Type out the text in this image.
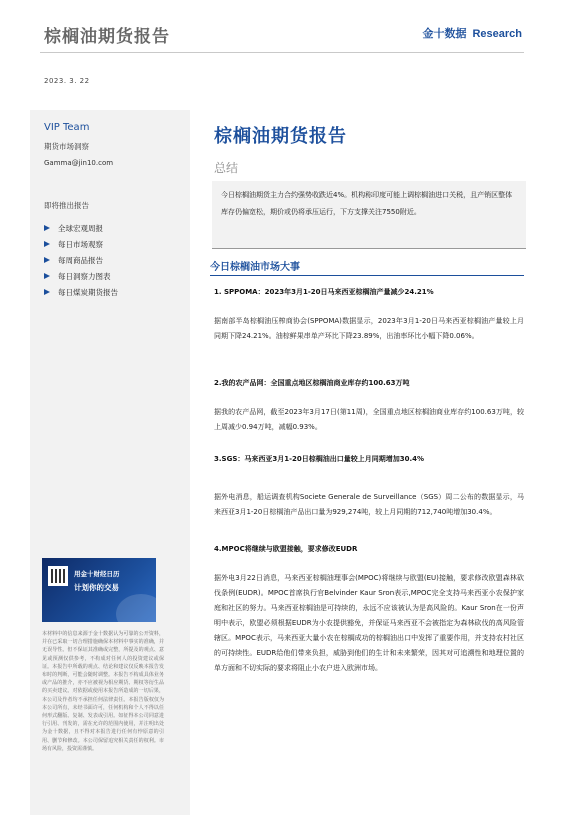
棕榈油期货报告	金十数据 Research
2023. 3. 22
VIP Team
期货市场洞察
Gamma@jin10.com
即将推出报告
全球宏观周报
每日市场观察
每周商品报告
每日洞察力图表
每日煤炭期货报告
用金十财经日历
计划你的交易
本材料中的信息来源于金十数据认为可靠的公开资料，并在已采取一切合理措施确保本材料中事实的准确，并无误导性。但不保证其准确或完整，所提及的观点、意见或预测仅供参考，不构成对任何人的投资建议或保证。本报告中所载的观点、结论和建议仅反映本报告发布时的判断，可能会随时调整。本报告不构成具体业务或产品的推介，亦不应被视为相应期货、期权等衍生品的买卖建议。对依据或使用本报告所造成的一切后果，本公司及作者均不承担任何法律责任。本报告版权仅为本公司所有，未经书面许可，任何机构和个人不得以任何形式翻版、复制、发表或引用。如征得本公司同意进行引用、刊发的，需在允许的范围内使用，并注明出处为金十数据，且不得对本报告进行任何有悖原意的引用、删节和修改。本公司保留追究相关责任的权利。市场有风险，投资需谨慎。
棕榈油期货报告
总结
今日棕榈油期货主力合约强势收跌近4%。机构称印度可能上调棕榈油进口关税，且产销区整体库存仍偏宽松，期价或仍将承压运行，下方支撑关注7550附近。
今日棕榈油市场大事
1. SPPOMA：2023年3月1-20日马来西亚棕榈油产量减少24.21%
据南部半岛棕榈油压榨商协会(SPPOMA)数据显示，2023年3月1-20日马来西亚棕榈油产量较上月同期下降24.21%。油棕鲜果串单产环比下降23.89%，出油率环比小幅下降0.06%。
2.我的农产品网：全国重点地区棕榈油商业库存约100.63万吨
据我的农产品网，截至2023年3月17日(第11周)，全国重点地区棕榈油商业库存约100.63万吨，较上周减少0.94万吨，减幅0.93%。
3.SGS：马来西亚3月1-20日棕榈油出口量较上月同期增加30.4%
据外电消息，船运调查机构Societe Generale de Surveillance（SGS）周二公布的数据显示，马来西亚3月1-20日棕榈油产品出口量为929,274吨，较上月同期的712,740吨增加30.4%。
4.MPOC将继续与欧盟接触，要求修改EUDR
据外电3月22日消息，马来西亚棕榈油理事会(MPOC)将继续与欧盟(EU)接触，要求修改欧盟森林砍伐条例(EUDR)。MPOC首席执行官Belvinder Kaur Sron表示,MPOC完全支持马来西亚小农保护家庭和社区的努力。马来西亚棕榈油是可持续的，永远不应该被认为是高风险的。Kaur Sron在一份声明中表示，欧盟必须根据EUDR为小农提供豁免，并保证马来西亚不会被指定为森林砍伐的高风险管辖区。MPOC表示，马来西亚大量小农在棕榈成功的棕榈油出口中发挥了重要作用，并支持农村社区的可持续性。EUDR给他们带来负担，威胁到他们的生计和未来繁荣，因其对可追溯性和地理位置的单方面和不切实际的要求将阻止小农户进入欧洲市场。
